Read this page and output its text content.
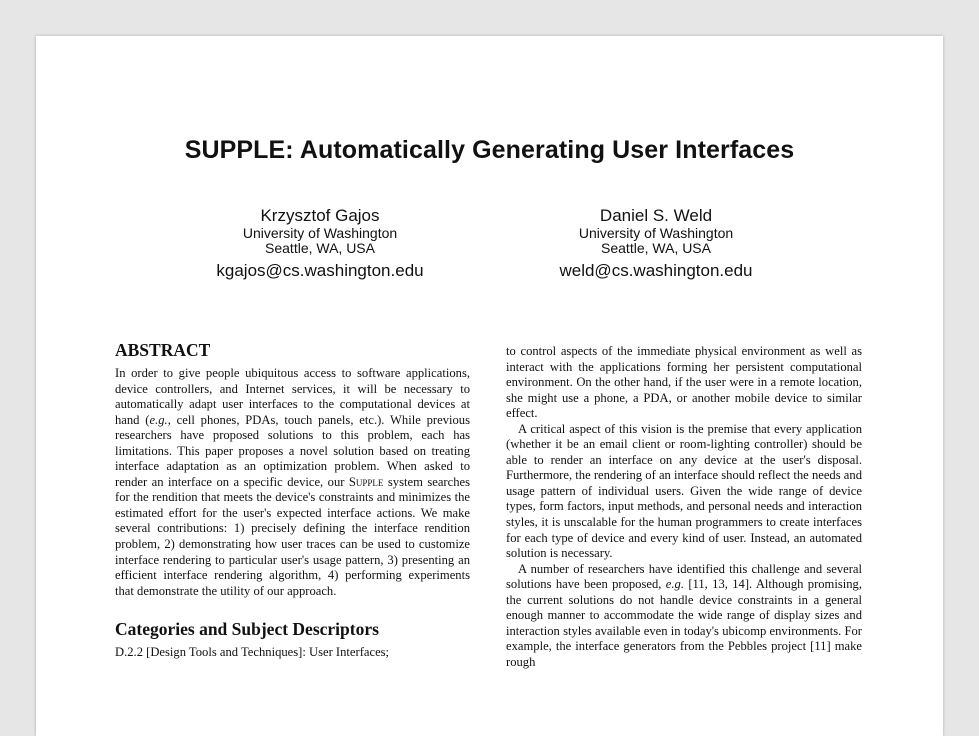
SUPPLE: Automatically Generating User Interfaces
Krzysztof Gajos
University of Washington
Seattle, WA, USA
kgajos@cs.washington.edu
Daniel S. Weld
University of Washington
Seattle, WA, USA
weld@cs.washington.edu
ABSTRACT

In order to give people ubiquitous access to software applications, device controllers, and Internet services, it will be necessary to automatically adapt user interfaces to the computational devices at hand (e.g., cell phones, PDAs, touch panels, etc.). While previous researchers have proposed solutions to this problem, each has limitations. This paper proposes a novel solution based on treating interface adaptation as an optimization problem. When asked to render an interface on a specific device, our Supple system searches for the rendition that meets the device's constraints and minimizes the estimated effort for the user's expected interface actions. We make several contributions: 1) precisely defining the interface rendition problem, 2) demonstrating how user traces can be used to customize interface rendering to particular user's usage pattern, 3) presenting an efficient interface rendering algorithm, 4) performing experiments that demonstrate the utility of our approach.

Categories and Subject Descriptors

D.2.2 [Design Tools and Techniques]: User Interfaces;

to control aspects of the immediate physical environment as well as interact with the applications forming her persistent computational environment. On the other hand, if the user were in a remote location, she might use a phone, a PDA, or another mobile device to similar effect.

A critical aspect of this vision is the premise that every application (whether it be an email client or room-lighting controller) should be able to render an interface on any device at the user's disposal. Furthermore, the rendering of an interface should reflect the needs and usage pattern of individual users. Given the wide range of device types, form factors, input methods, and personal needs and interaction styles, it is unscalable for the human programmers to create interfaces for each type of device and every kind of user. Instead, an automated solution is necessary.

A number of researchers have identified this challenge and several solutions have been proposed, e.g. [11, 13, 14]. Although promising, the current solutions do not handle device constraints in a general enough manner to accommodate the wide range of display sizes and interaction styles available even in today's ubicomp environments. For example, the interface generators from the Pebbles project [11] make rough
